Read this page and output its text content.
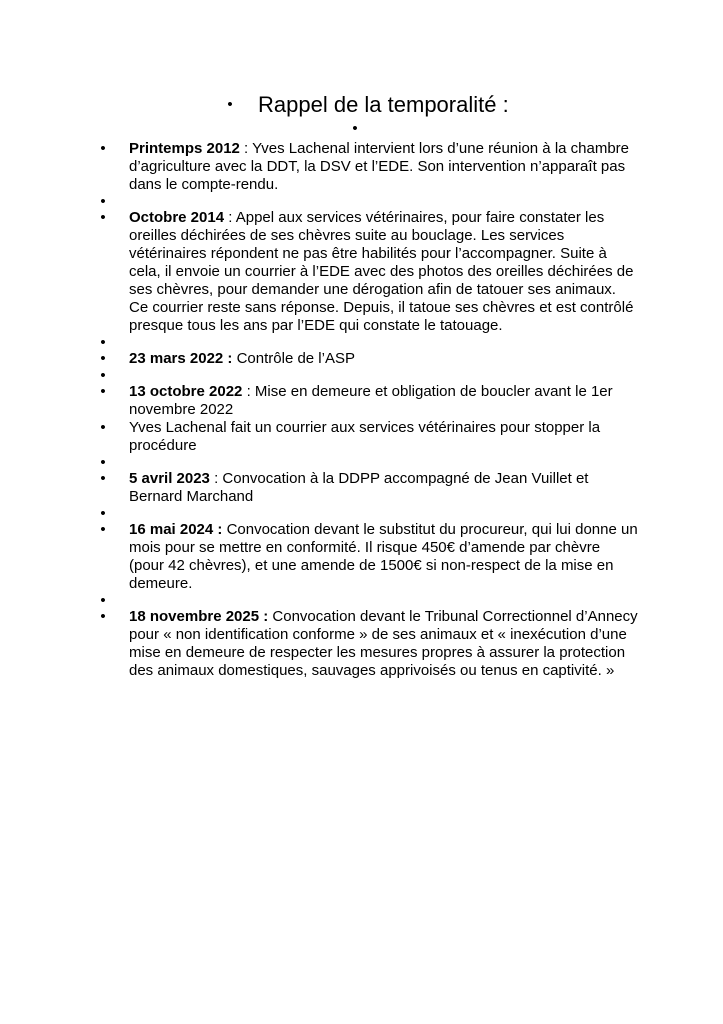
• Rappel de la temporalité :
•
•	Printemps 2012 : Yves Lachenal intervient lors d’une réunion à la chambre d’agriculture avec la DDT, la DSV et l’EDE. Son intervention n’apparaît pas dans le compte-rendu.
•
•	Octobre 2014 : Appel aux services vétérinaires, pour faire constater les oreilles déchirées de ses chèvres suite au bouclage. Les services vétérinaires répondent ne pas être habilités pour l’accompagner. Suite à cela, il envoie un courrier à l’EDE avec des photos des oreilles déchirées de ses chèvres, pour demander une dérogation afin de tatouer ses animaux. Ce courrier reste sans réponse. Depuis, il tatoue ses chèvres et est contrôlé presque tous les ans par l’EDE qui constate le tatouage.
•
•	23 mars 2022 : Contrôle de l’ASP
•
•	13 octobre 2022 : Mise en demeure et obligation de boucler avant le 1er novembre 2022
•	Yves Lachenal fait un courrier aux services vétérinaires pour stopper la procédure
•
•	5 avril 2023 : Convocation à la DDPP accompagné de Jean Vuillet et Bernard Marchand
•
•	16 mai 2024 : Convocation devant le substitut du procureur, qui lui donne un mois pour se mettre en conformité. Il risque 450€ d’amende par chèvre (pour 42 chèvres), et une amende de 1500€ si non-respect de la mise en demeure.
•
•	18 novembre 2025 : Convocation devant le Tribunal Correctionnel d’Annecy pour « non identification conforme » de ses animaux et « inexécution d’une mise en demeure de respecter les mesures propres à assurer la protection des animaux domestiques, sauvages apprivoisés ou tenus en captivité. »
